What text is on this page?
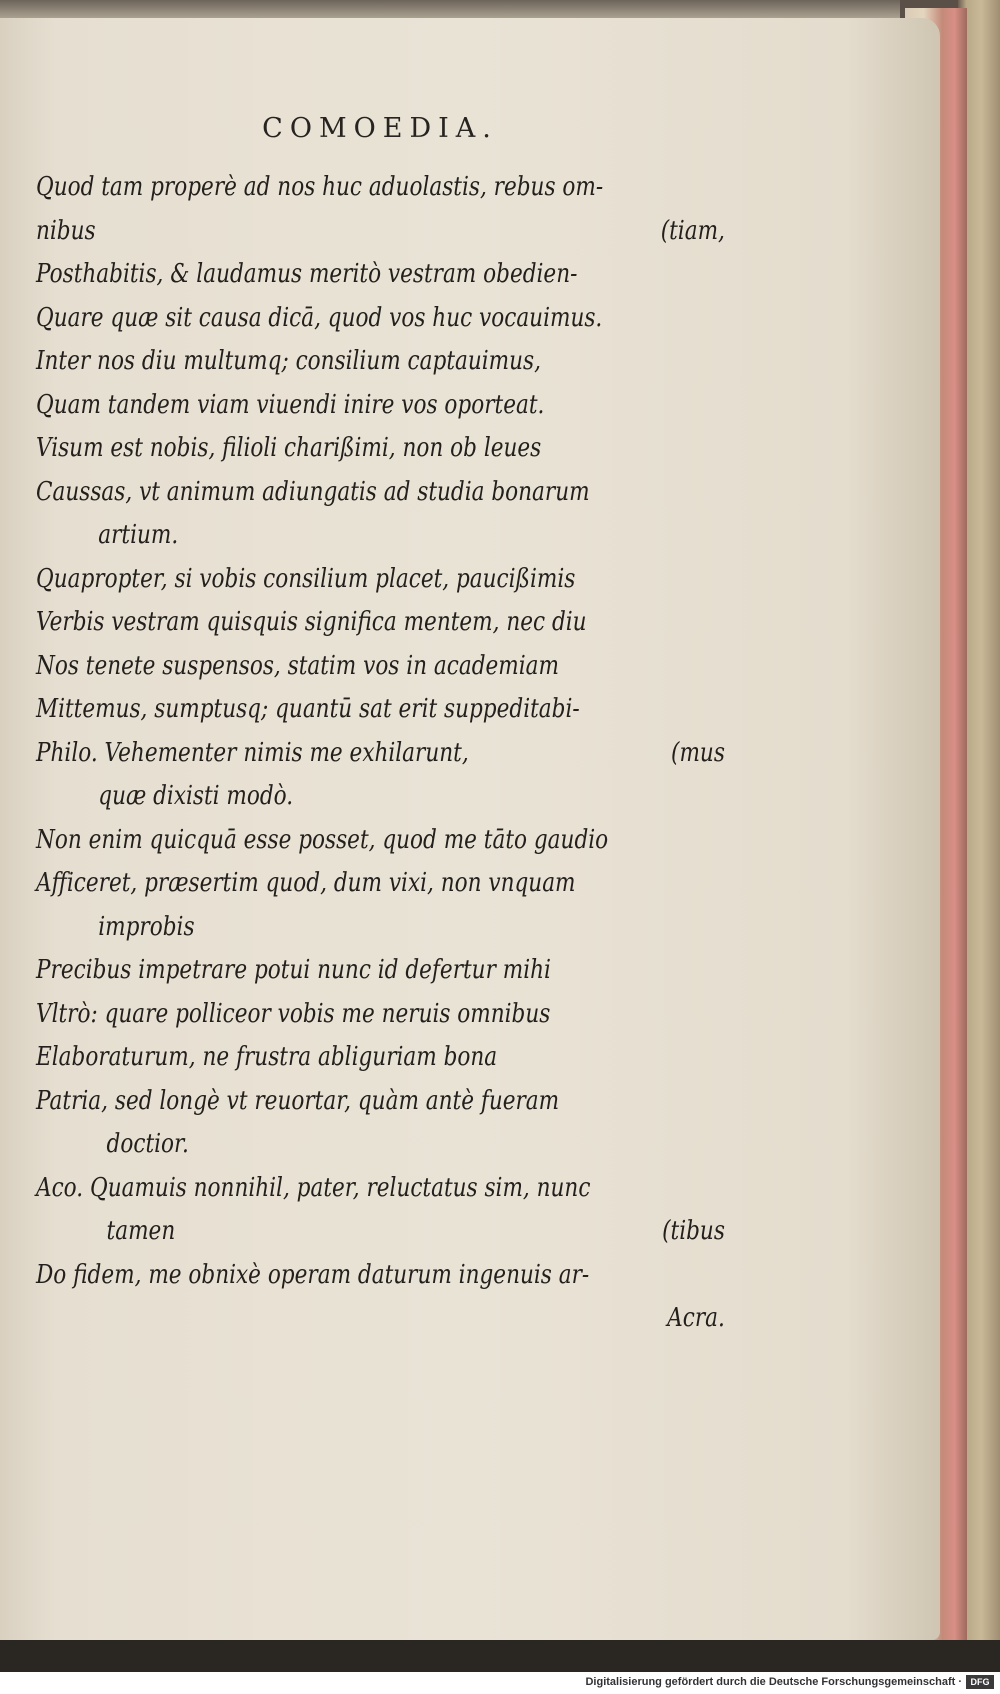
COMOEDIA.
Quod tam properè ad nos huc aduolastis, rebus om-
nibus	(tiam,
Posthabitis, & laudamus meritò vestram obedien-
Quare quæ sit causa dicā, quod vos huc vocauimus.
Inter nos diu multumq; consilium captauimus,
Quam tandem viam viuendi inire vos oporteat.
Visum est nobis, filioli charißimi, non ob leues
Caussas, vt animum adiungatis ad studia bonarum
artium.
Quapropter, si vobis consilium placet, paucißimis
Verbis vestram quisquis significa mentem, nec diu
Nos tenete suspensos, statim vos in academiam
Mittemus, sumptusq; quantū sat erit suppeditabi-
Philo. Vehementer nimis me exhilarunt,	(mus
quæ dixisti modò.
Non enim quicquā esse posset, quod me tāto gaudio
Afficeret, præsertim quod, dum vixi, non vnquam
improbis
Precibus impetrare potui nunc id defertur mihi
Vltrò: quare polliceor vobis me neruis omnibus
Elaboraturum, ne frustra abliguriam bona
Patria, sed longè vt reuortar, quàm antè fueram
doctior.
Aco. Quamuis nonnihil, pater, reluctatus sim, nunc
tamen	(tibus
Do fidem, me obnixè operam daturum ingenuis ar-
Acra.
Digitalisierung gefördert durch die Deutsche Forschungsgemeinschaft · DFG
